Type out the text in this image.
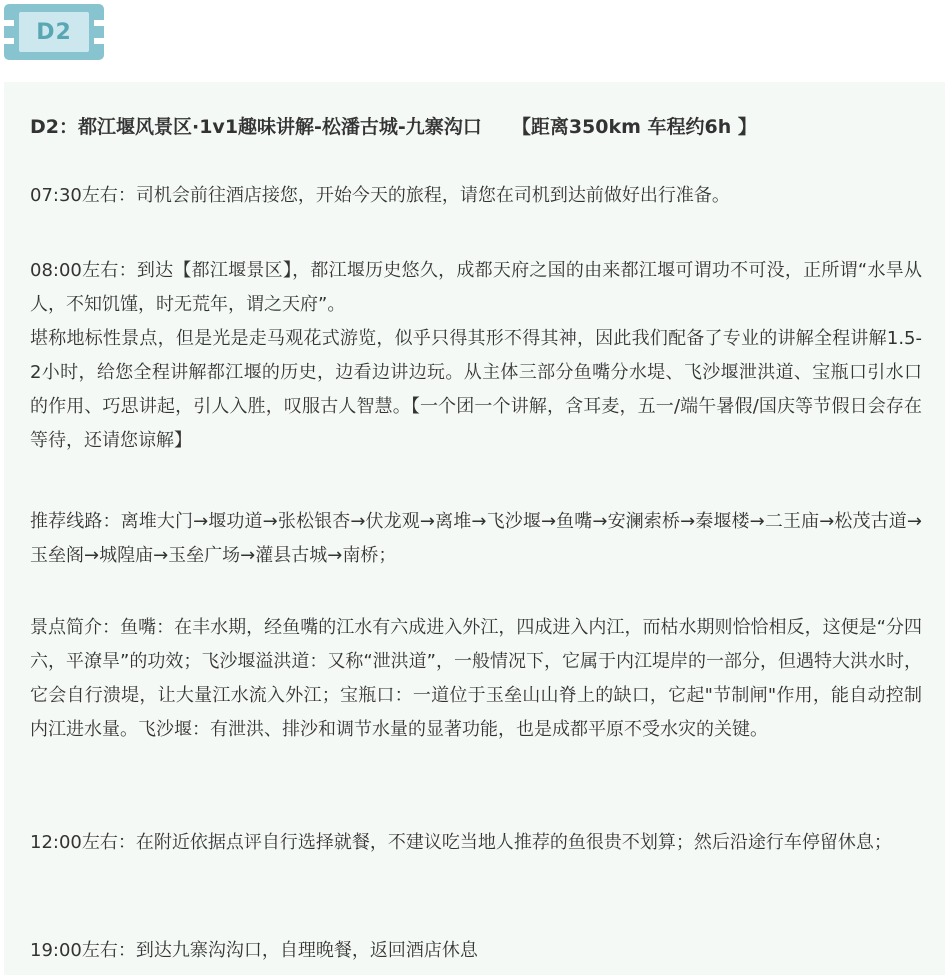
D2
D2：都江堰风景区·1v1趣味讲解-松潘古城-九寨沟口 【距离350km 车程约6h 】

07:30左右：司机会前往酒店接您，开始今天的旅程，请您在司机到达前做好出行准备。

08:00左右：到达【都江堰景区】，都江堰历史悠久，成都天府之国的由来都江堰可谓功不可没，正所谓“水旱从人，不知饥馑，时无荒年，谓之天府”。

堪称地标性景点，但是光是走马观花式游览，似乎只得其形不得其神，因此我们配备了专业的讲解全程讲解1.5-2小时，给您全程讲解都江堰的历史，边看边讲边玩。从主体三部分鱼嘴分水堤、飞沙堰泄洪道、宝瓶口引水口的作用、巧思讲起，引人入胜，叹服古人智慧。【一个团一个讲解，含耳麦，五一/端午暑假/国庆等节假日会存在等待，还请您谅解】

推荐线路：离堆大门→堰功道→张松银杏→伏龙观→离堆→飞沙堰→鱼嘴→安澜索桥→秦堰楼→二王庙→松茂古道→玉垒阁→城隍庙→玉垒广场→灌县古城→南桥；

景点简介：鱼嘴：在丰水期，经鱼嘴的江水有六成进入外江，四成进入内江，而枯水期则恰恰相反，这便是“分四六，平潦旱”的功效；飞沙堰溢洪道：又称“泄洪道”，一般情况下，它属于内江堤岸的一部分，但遇特大洪水时，它会自行溃堤，让大量江水流入外江；宝瓶口：一道位于玉垒山山脊上的缺口，它起"节制闸"作用，能自动控制内江进水量。飞沙堰：有泄洪、排沙和调节水量的显著功能，也是成都平原不受水灾的关键。

12:00左右：在附近依据点评自行选择就餐，不建议吃当地人推荐的鱼很贵不划算；然后沿途行车停留休息；

19:00左右：到达九寨沟沟口，自理晚餐，返回酒店休息
